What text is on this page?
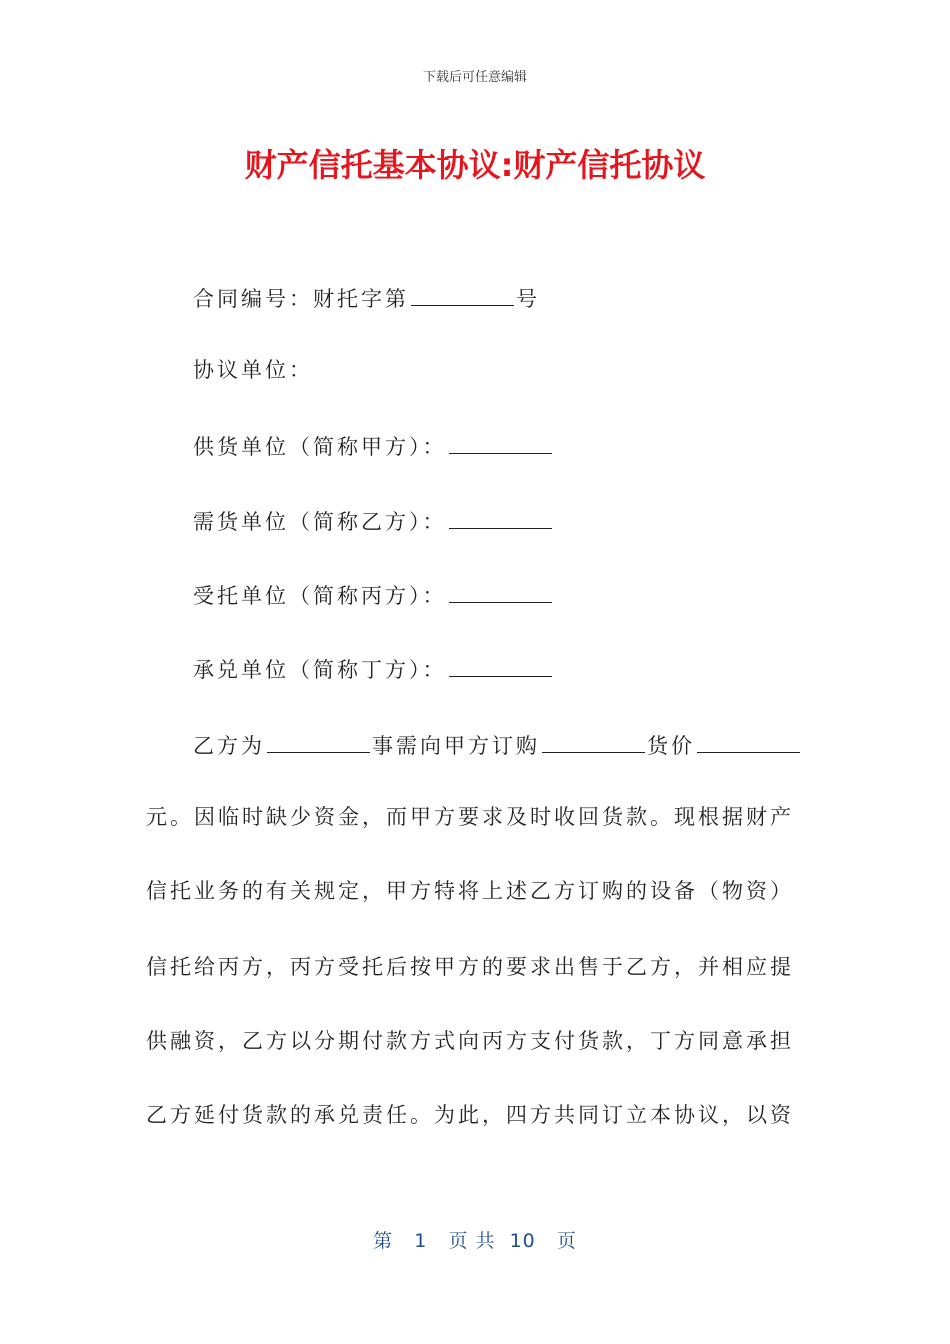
下载后可任意编辑
财产信托基本协议:财产信托协议
合同编号：财托字第	号
协议单位：
供货单位（简称甲方）：
需货单位（简称乙方）：
受托单位（简称丙方）：
承兑单位（简称丁方）：
乙方为	事需向甲方订购	货价
元。因临时缺少资金，而甲方要求及时收回货款。现根据财产
信托业务的有关规定，甲方特将上述乙方订购的设备（物资）
信托给丙方，丙方受托后按甲方的要求出售于乙方，并相应提
供融资，乙方以分期付款方式向丙方支付货款，丁方同意承担
乙方延付货款的承兑责任。为此，四方共同订立本协议，以资
第 1 页 共 10 页
